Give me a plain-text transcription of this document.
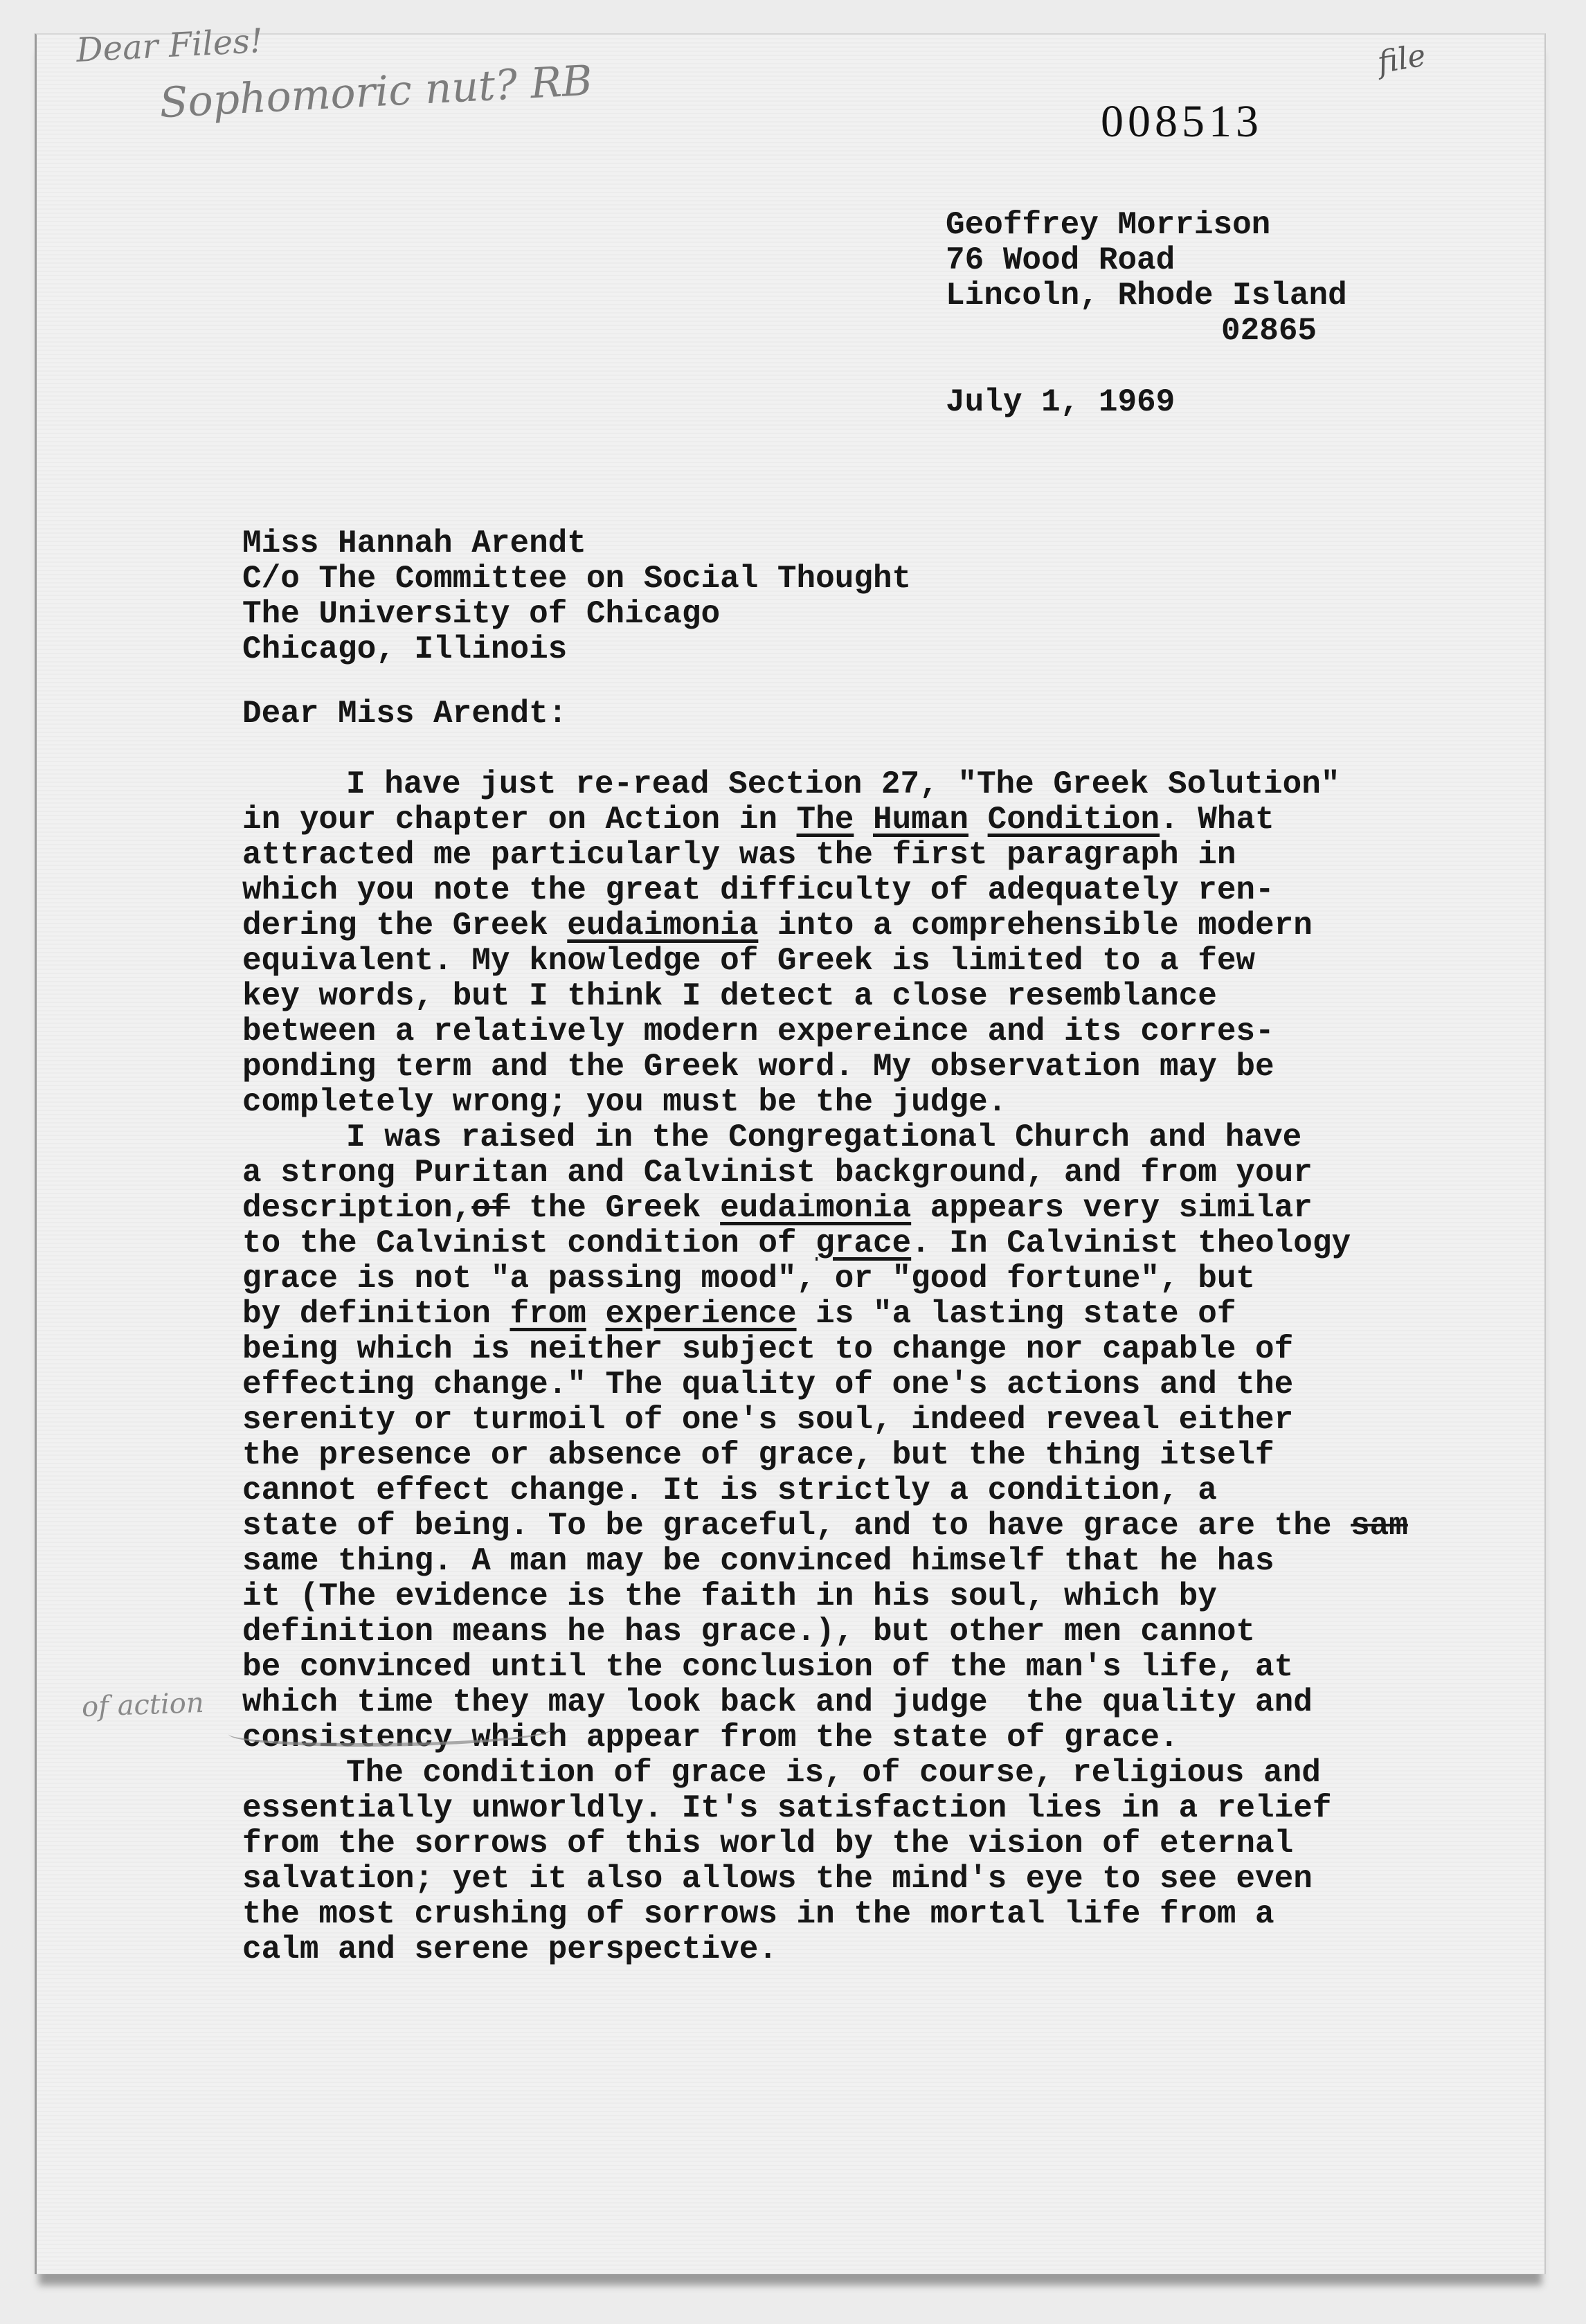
Dear Files!
Sophomoric nut? RB	file
008513
Geoffrey Morrison
76 Wood Road
Lincoln, Rhode Island
02865
July 1, 1969
Miss Hannah Arendt
C/o The Committee on Social Thought
The University of Chicago
Chicago, Illinois
Dear Miss Arendt:
I have just re-read Section 27, "The Greek Solution"
in your chapter on Action in The Human Condition. What
attracted me particularly was the first paragraph in
which you note the great difficulty of adequately ren-
dering the Greek eudaimonia into a comprehensible modern
equivalent. My knowledge of Greek is limited to a few
key words, but I think I detect a close resemblance
between a relatively modern expereince and its corres-
ponding term and the Greek word. My observation may be
completely wrong; you must be the judge.
I was raised in the Congregational Church and have
a strong Puritan and Calvinist background, and from your
description,of the Greek eudaimonia appears very similar
to the Calvinist condition of grace. In Calvinist theology
grace is not "a passing mood", or "good fortune", but
by definition from experience is "a lasting state of
being which is neither subject to change nor capable of
effecting change." The quality of one's actions and the
serenity or turmoil of one's soul, indeed reveal either
the presence or absence of grace, but the thing itself
cannot effect change. It is strictly a condition, a
state of being. To be graceful, and to have grace are the sam
same thing. A man may be convinced himself that he has
it (The evidence is the faith in his soul, which by
definition means he has grace.), but other men cannot
be convinced until the conclusion of the man's life, at
which time they may look back and judge  the quality and
consistency which appear from the state of grace.
The condition of grace is, of course, religious and
essentially unworldly. It's satisfaction lies in a relief
from the sorrows of this world by the vision of eternal
salvation; yet it also allows the mind's eye to see even
the most crushing of sorrows in the mortal life from a
calm and serene perspective.
of action
